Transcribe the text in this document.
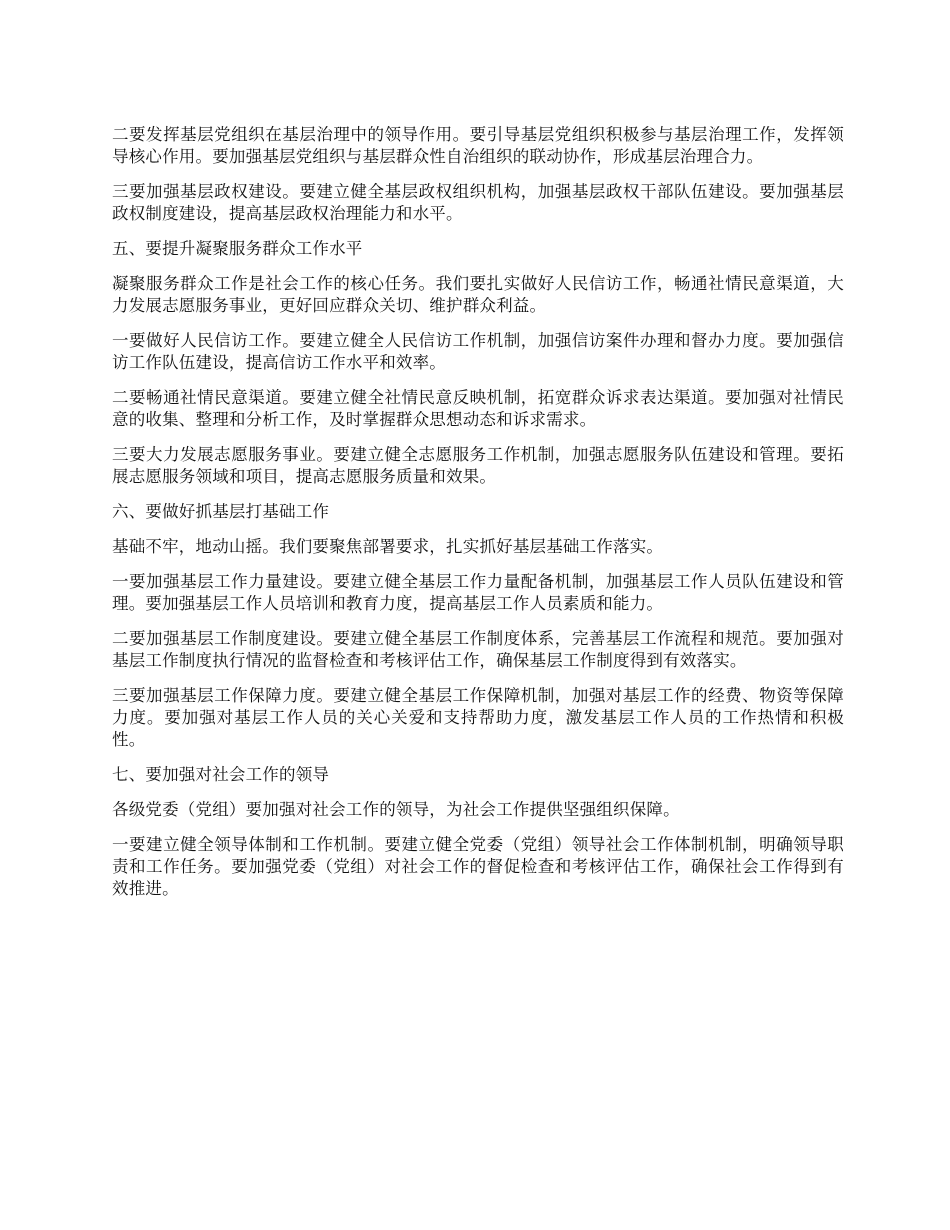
二要发挥基层党组织在基层治理中的领导作用。要引导基层党组织积极参与基层治理工作，发挥领导核心作用。要加强基层党组织与基层群众性自治组织的联动协作，形成基层治理合力。

三要加强基层政权建设。要建立健全基层政权组织机构，加强基层政权干部队伍建设。要加强基层政权制度建设，提高基层政权治理能力和水平。

五、要提升凝聚服务群众工作水平

凝聚服务群众工作是社会工作的核心任务。我们要扎实做好人民信访工作，畅通社情民意渠道，大力发展志愿服务事业，更好回应群众关切、维护群众利益。

一要做好人民信访工作。要建立健全人民信访工作机制，加强信访案件办理和督办力度。要加强信访工作队伍建设，提高信访工作水平和效率。

二要畅通社情民意渠道。要建立健全社情民意反映机制，拓宽群众诉求表达渠道。要加强对社情民意的收集、整理和分析工作，及时掌握群众思想动态和诉求需求。

三要大力发展志愿服务事业。要建立健全志愿服务工作机制，加强志愿服务队伍建设和管理。要拓展志愿服务领域和项目，提高志愿服务质量和效果。

六、要做好抓基层打基础工作

基础不牢，地动山摇。我们要聚焦部署要求，扎实抓好基层基础工作落实。

一要加强基层工作力量建设。要建立健全基层工作力量配备机制，加强基层工作人员队伍建设和管理。要加强基层工作人员培训和教育力度，提高基层工作人员素质和能力。

二要加强基层工作制度建设。要建立健全基层工作制度体系，完善基层工作流程和规范。要加强对基层工作制度执行情况的监督检查和考核评估工作，确保基层工作制度得到有效落实。

三要加强基层工作保障力度。要建立健全基层工作保障机制，加强对基层工作的经费、物资等保障力度。要加强对基层工作人员的关心关爱和支持帮助力度，激发基层工作人员的工作热情和积极性。

七、要加强对社会工作的领导

各级党委（党组）要加强对社会工作的领导，为社会工作提供坚强组织保障。

一要建立健全领导体制和工作机制。要建立健全党委（党组）领导社会工作体制机制，明确领导职责和工作任务。要加强党委（党组）对社会工作的督促检查和考核评估工作，确保社会工作得到有效推进。
